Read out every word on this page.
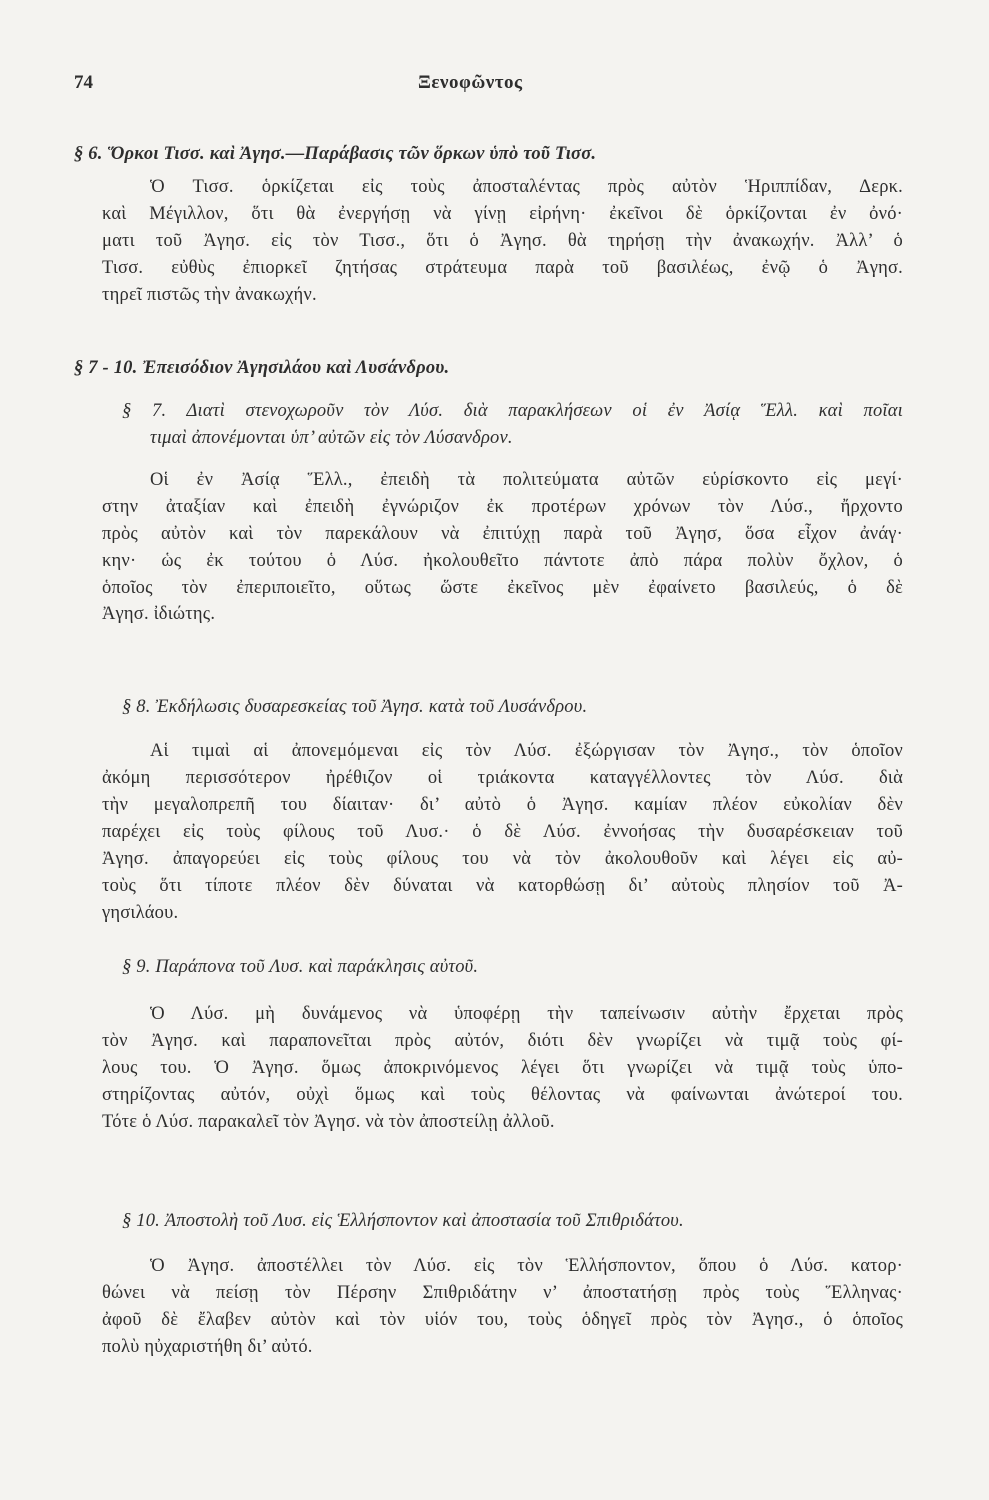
74	Ξενοφῶντος
§ 6. Ὅρκοι Τισσ. καὶ Ἀγησ.—Παράβασις τῶν ὅρκων ὑπὸ τοῦ Τισσ.
Ὁ Τισσ. ὁρκίζεται εἰς τοὺς ἀποσταλέντας πρὸς αὐτὸν Ἡριππίδαν, Δερκ.
καὶ Μέγιλλον, ὅτι θὰ ἐνεργήσῃ νὰ γίνῃ εἰρήνη· ἐκεῖνοι δὲ ὁρκίζονται ἐν ὀνό·
ματι τοῦ Ἀγησ. εἰς τὸν Τισσ., ὅτι ὁ Ἀγησ. θὰ τηρήσῃ τὴν ἀνακωχήν. Ἀλλ’ ὁ
Τισσ. εὐθὺς ἐπιορκεῖ ζητήσας στράτευμα παρὰ τοῦ βασιλέως, ἐνῷ ὁ Ἀγησ.
τηρεῖ πιστῶς τὴν ἀνακωχήν.
§ 7 - 10. Ἐπεισόδιον Ἀγησιλάου καὶ Λυσάνδρου.
§ 7. Διατὶ στενοχωροῦν τὸν Λύσ. διὰ παρακλήσεων οἱ ἐν Ἀσίᾳ Ἕλλ. καὶ ποῖαι
τιμαὶ ἀπονέμονται ὑπ’ αὐτῶν εἰς τὸν Λύσανδρον.
Οἱ ἐν Ἀσίᾳ Ἕλλ., ἐπειδὴ τὰ πολιτεύματα αὐτῶν εὑρίσκοντο εἰς μεγί·
στην ἀταξίαν καὶ ἐπειδὴ ἐγνώριζον ἐκ προτέρων χρόνων τὸν Λύσ., ἤρχοντο
πρὸς αὐτὸν καὶ τὸν παρεκάλουν νὰ ἐπιτύχῃ παρὰ τοῦ Ἀγησ, ὅσα εἶχον ἀνάγ·
κην· ὡς ἐκ τούτου ὁ Λύσ. ἠκολουθεῖτο πάντοτε ἀπὸ πάρα πολὺν ὄχλον, ὁ
ὁποῖος τὸν ἐπεριποιεῖτο, οὕτως ὥστε ἐκεῖνος μὲν ἐφαίνετο βασιλεύς, ὁ δὲ
Ἀγησ. ἰδιώτης.
§ 8. Ἐκδήλωσις δυσαρεσκείας τοῦ Ἀγησ. κατὰ τοῦ Λυσάνδρου.
Αἱ τιμαὶ αἱ ἀπονεμόμεναι εἰς τὸν Λύσ. ἐξώργισαν τὸν Ἀγησ., τὸν ὁποῖον
ἀκόμη περισσότερον ἠρέθιζον οἱ τριάκοντα καταγγέλλοντες τὸν Λύσ. διὰ
τὴν μεγαλοπρεπῆ του δίαιταν· δι’ αὐτὸ ὁ Ἀγησ. καμίαν πλέον εὐκολίαν δὲν
παρέχει εἰς τοὺς φίλους τοῦ Λυσ.· ὁ δὲ Λύσ. ἐννοήσας τὴν δυσαρέσκειαν τοῦ
Ἀγησ. ἀπαγορεύει εἰς τοὺς φίλους του νὰ τὸν ἀκολουθοῦν καὶ λέγει εἰς αὐ-
τοὺς ὅτι τίποτε πλέον δὲν δύναται νὰ κατορθώσῃ δι’ αὐτοὺς πλησίον τοῦ Ἀ-
γησιλάου.
§ 9. Παράπονα τοῦ Λυσ. καὶ παράκλησις αὐτοῦ.
Ὁ Λύσ. μὴ δυνάμενος νὰ ὑποφέρῃ τὴν ταπείνωσιν αὐτὴν ἔρχεται πρὸς
τὸν Ἀγησ. καὶ παραπονεῖται πρὸς αὐτόν, διότι δὲν γνωρίζει νὰ τιμᾷ τοὺς φί-
λους του. Ὁ Ἀγησ. ὅμως ἀποκρινόμενος λέγει ὅτι γνωρίζει νὰ τιμᾷ τοὺς ὑπο-
στηρίζοντας αὐτόν, οὐχὶ ὅμως καὶ τοὺς θέλοντας νὰ φαίνωνται ἀνώτεροί του.
Τότε ὁ Λύσ. παρακαλεῖ τὸν Ἀγησ. νὰ τὸν ἀποστείλῃ ἀλλοῦ.
§ 10. Ἀποστολὴ τοῦ Λυσ. εἰς Ἑλλήσποντον καὶ ἀποστασία τοῦ Σπιθριδάτου.
Ὁ Ἀγησ. ἀποστέλλει τὸν Λύσ. εἰς τὸν Ἑλλήσποντον, ὅπου ὁ Λύσ. κατορ·
θώνει νὰ πείσῃ τὸν Πέρσην Σπιθριδάτην ν’ ἀποστατήσῃ πρὸς τοὺς Ἕλληνας·
ἀφοῦ δὲ ἔλαβεν αὐτὸν καὶ τὸν υἱόν του, τοὺς ὁδηγεῖ πρὸς τὸν Ἀγησ., ὁ ὁποῖος
πολὺ ηὐχαριστήθη δι’ αὐτό.
